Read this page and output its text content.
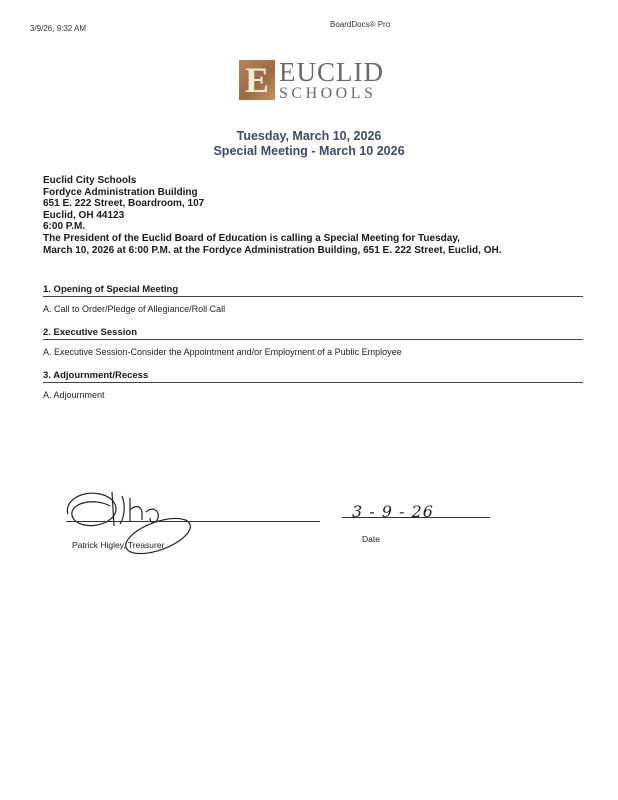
3/9/26, 9:32 AM	BoardDocs® Pro
E EUCLID
SCHOOLS
Tuesday, March 10, 2026
Special Meeting - March 10 2026
Euclid City Schools
Fordyce Administration Building
651 E. 222 Street, Boardroom, 107
Euclid, OH 44123
6:00 P.M.
The President of the Euclid Board of Education is calling a Special Meeting for Tuesday,
March 10, 2026 at 6:00 P.M. at the Fordyce Administration Building, 651 E. 222 Street, Euclid, OH.
1. Opening of Special Meeting
A. Call to Order/Pledge of Allegiance/Roll Call
2. Executive Session
A. Executive Session-Consider the Appointment and/or Employment of a Public Employee
3. Adjournment/Recess
A. Adjournment
Patrick Higley, Treasurer
3 - 9 - 26
Date
